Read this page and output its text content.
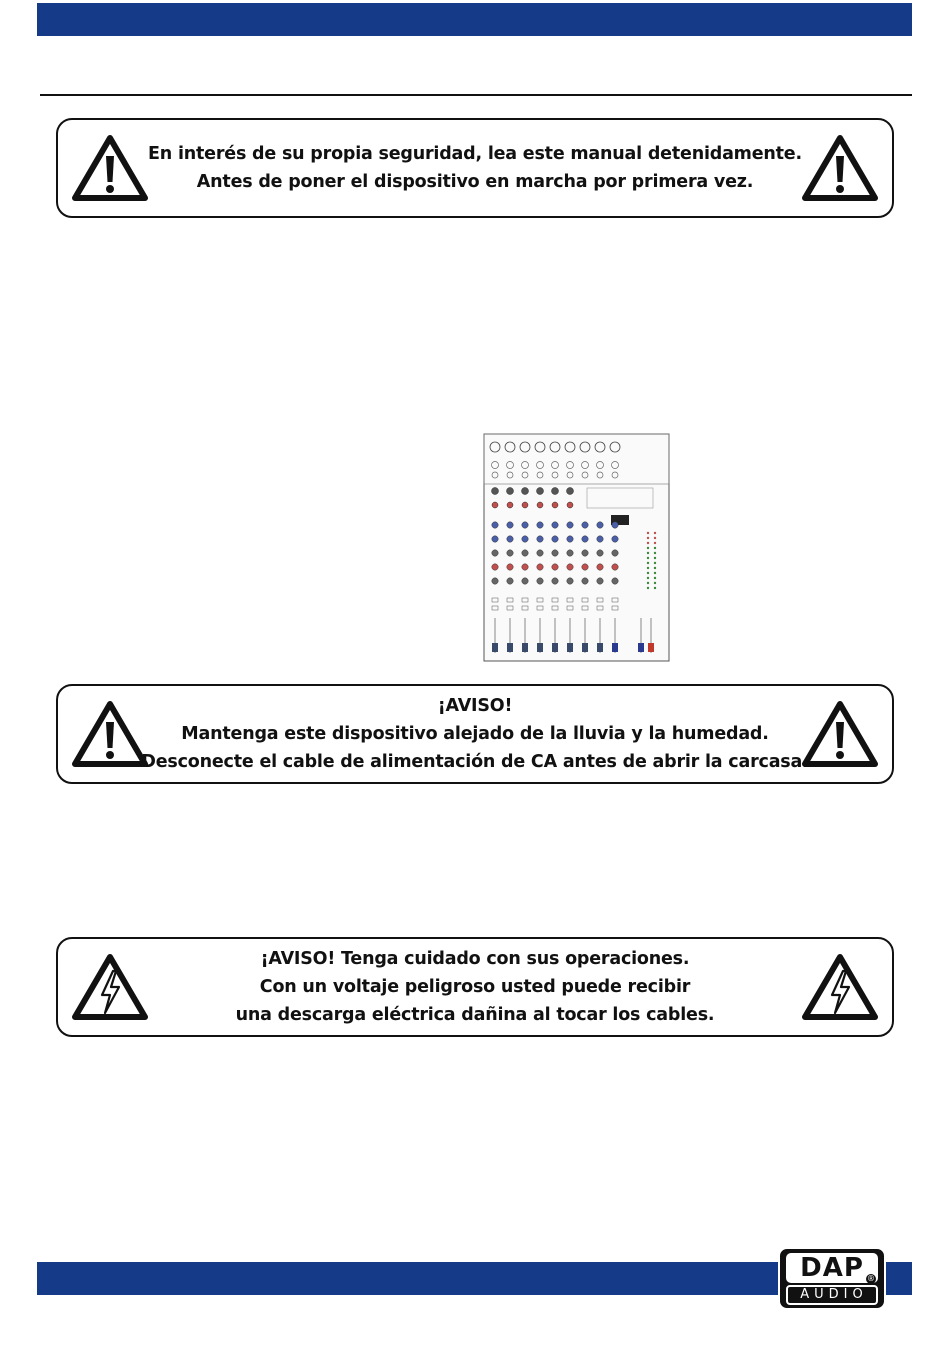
En interés de su propia seguridad, lea este manual detenidamente.
Antes de poner el dispositivo en marcha por primera vez.
¡AVISO!
Mantenga este dispositivo alejado de la lluvia y la humedad.
Desconecte el cable de alimentación de CA antes de abrir la carcasa.
¡AVISO! Tenga cuidado con sus operaciones.
Con un voltaje peligroso usted puede recibir
una descarga eléctrica dañina al tocar los cables.
DAP ®
AUDIO
